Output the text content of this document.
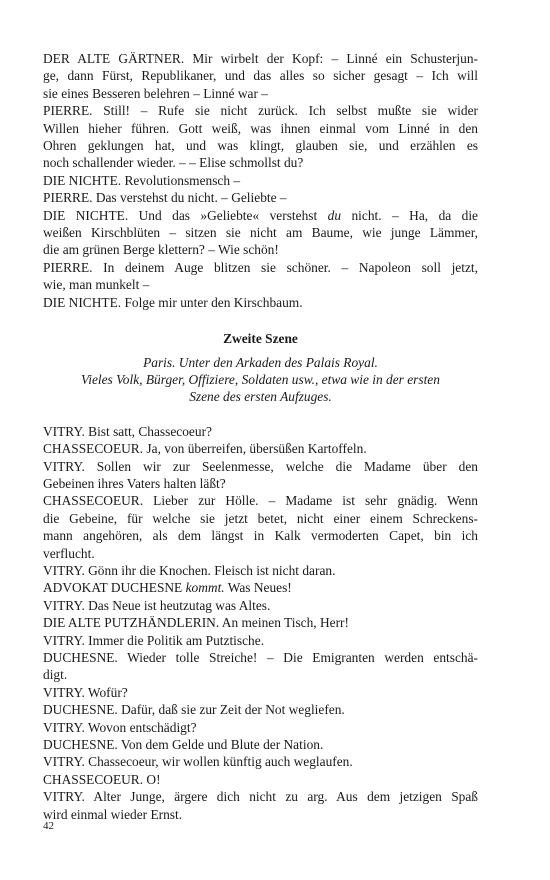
DER ALTE GÄRTNER. Mir wirbelt der Kopf: – Linné ein Schusterjun-
ge, dann Fürst, Republikaner, und das alles so sicher gesagt – Ich will
sie eines Besseren belehren – Linné war –
PIERRE. Still! – Rufe sie nicht zurück. Ich selbst mußte sie wider
Willen hieher führen. Gott weiß, was ihnen einmal vom Linné in den
Ohren geklungen hat, und was klingt, glauben sie, und erzählen es
noch schallender wieder. – – Elise schmollst du?
DIE NICHTE. Revolutionsmensch –
PIERRE. Das verstehst du nicht. – Geliebte –
DIE NICHTE. Und das »Geliebte« verstehst du nicht. – Ha, da die
weißen Kirschblüten – sitzen sie nicht am Baume, wie junge Lämmer,
die am grünen Berge klettern? – Wie schön!
PIERRE. In deinem Auge blitzen sie schöner. – Napoleon soll jetzt,
wie, man munkelt –
DIE NICHTE. Folge mir unter den Kirschbaum.
Zweite Szene
Paris. Unter den Arkaden des Palais Royal.
Vieles Volk, Bürger, Offiziere, Soldaten usw., etwa wie in der ersten
Szene des ersten Aufzuges.
VITRY. Bist satt, Chassecoeur?
CHASSECOEUR. Ja, von überreifen, übersüßen Kartoffeln.
VITRY. Sollen wir zur Seelenmesse, welche die Madame über den
Gebeinen ihres Vaters halten läßt?
CHASSECOEUR. Lieber zur Hölle. – Madame ist sehr gnädig. Wenn
die Gebeine, für welche sie jetzt betet, nicht einer einem Schreckens-
mann angehören, als dem längst in Kalk vermoderten Capet, bin ich
verflucht.
VITRY. Gönn ihr die Knochen. Fleisch ist nicht daran.
ADVOKAT DUCHESNE kommt. Was Neues!
VITRY. Das Neue ist heutzutag was Altes.
DIE ALTE PUTZHÄNDLERIN. An meinen Tisch, Herr!
VITRY. Immer die Politik am Putztische.
DUCHESNE. Wieder tolle Streiche! – Die Emigranten werden entschä-
digt.
VITRY. Wofür?
DUCHESNE. Dafür, daß sie zur Zeit der Not wegliefen.
VITRY. Wovon entschädigt?
DUCHESNE. Von dem Gelde und Blute der Nation.
VITRY. Chassecoeur, wir wollen künftig auch weglaufen.
CHASSECOEUR. O!
VITRY. Alter Junge, ärgere dich nicht zu arg. Aus dem jetzigen Spaß
wird einmal wieder Ernst.
42
